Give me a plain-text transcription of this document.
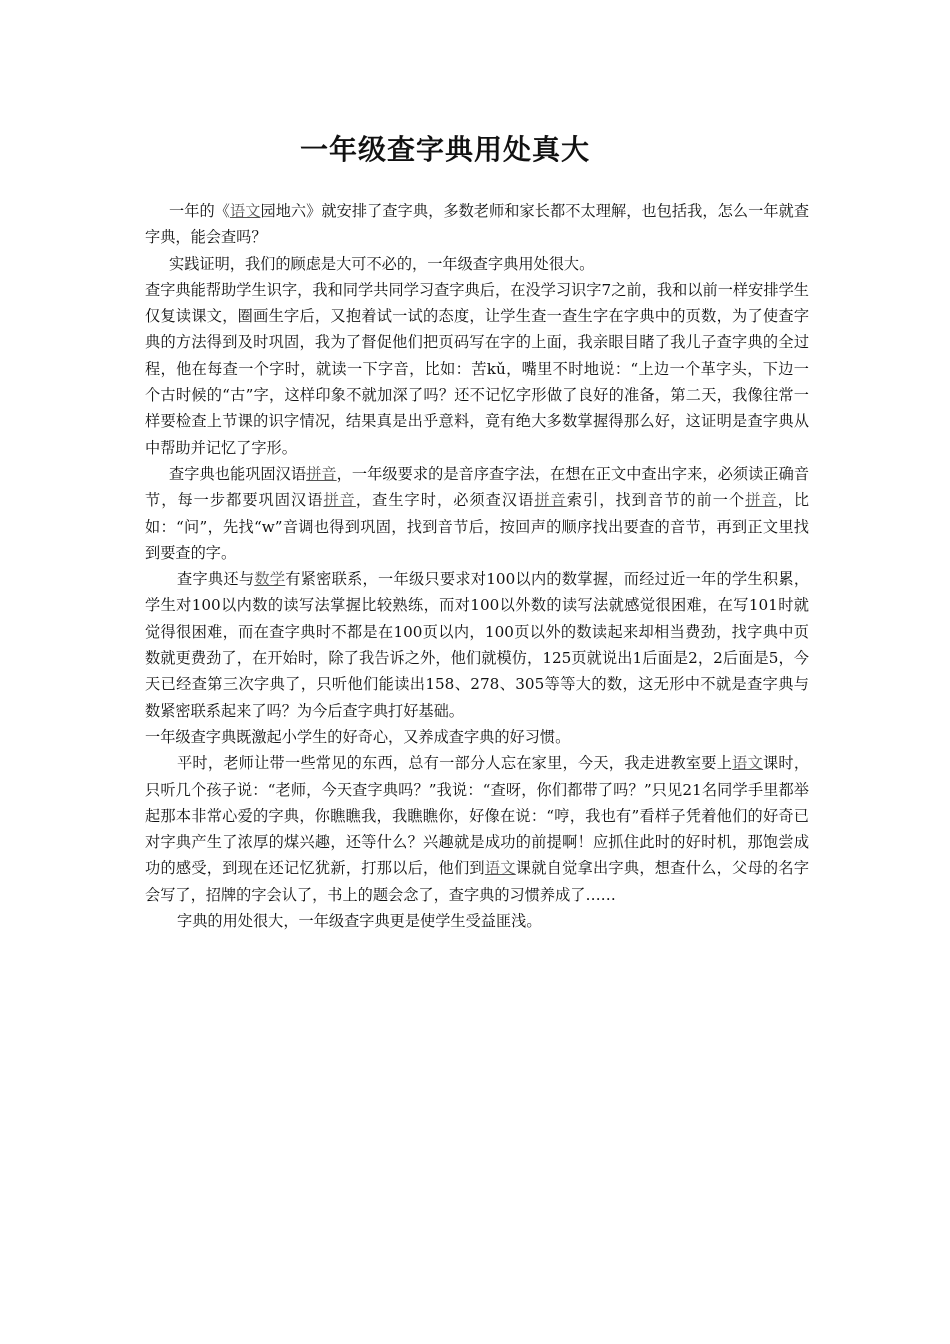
一年级查字典用处真大

一年的《语文园地六》就安排了查字典，多数老师和家长都不太理解，也包括我，怎么一年就查字典，能会查吗？

实践证明，我们的顾虑是大可不必的，一年级查字典用处很大。

查字典能帮助学生识字，我和同学共同学习查字典后，在没学习识字7之前，我和以前一样安排学生仅复读课文，圈画生字后，又抱着试一试的态度，让学生查一查生字在字典中的页数，为了使查字典的方法得到及时巩固，我为了督促他们把页码写在字的上面，我亲眼目睹了我儿子查字典的全过程，他在每查一个字时，就读一下字音，比如：苦kǔ，嘴里不时地说：“上边一个革字头，下边一个古时候的“古”字，这样印象不就加深了吗？还不记忆字形做了良好的准备，第二天，我像往常一样要检查上节课的识字情况，结果真是出乎意料，竟有绝大多数掌握得那么好，这证明是查字典从中帮助并记忆了字形。

查字典也能巩固汉语拼音，一年级要求的是音序查字法，在想在正文中查出字来，必须读正确音节，每一步都要巩固汉语拼音，查生字时，必须查汉语拼音索引，找到音节的前一个拼音，比如：“问”，先找“w”音调也得到巩固，找到音节后，按回声的顺序找出要查的音节，再到正文里找到要查的字。

查字典还与数学有紧密联系，一年级只要求对100以内的数掌握，而经过近一年的学生积累，学生对100以内数的读写法掌握比较熟练，而对100以外数的读写法就感觉很困难，在写101时就觉得很困难，而在查字典时不都是在100页以内，100页以外的数读起来却相当费劲，找字典中页数就更费劲了，在开始时，除了我告诉之外，他们就模仿，125页就说出1后面是2，2后面是5，今天已经查第三次字典了，只听他们能读出158、278、305等等大的数，这无形中不就是查字典与数紧密联系起来了吗？为今后查字典打好基础。

一年级查字典既激起小学生的好奇心，又养成查字典的好习惯。

平时，老师让带一些常见的东西，总有一部分人忘在家里，今天，我走进教室要上语文课时，只听几个孩子说：“老师，今天查字典吗？”我说：“查呀，你们都带了吗？”只见21名同学手里都举起那本非常心爱的字典，你瞧瞧我，我瞧瞧你，好像在说：“哼，我也有”看样子凭着他们的好奇已对字典产生了浓厚的煤兴趣，还等什么？兴趣就是成功的前提啊！应抓住此时的好时机，那饱尝成功的感受，到现在还记忆犹新，打那以后，他们到语文课就自觉拿出字典，想查什么，父母的名字会写了，招牌的字会认了，书上的题会念了，查字典的习惯养成了……

字典的用处很大，一年级查字典更是使学生受益匪浅。
